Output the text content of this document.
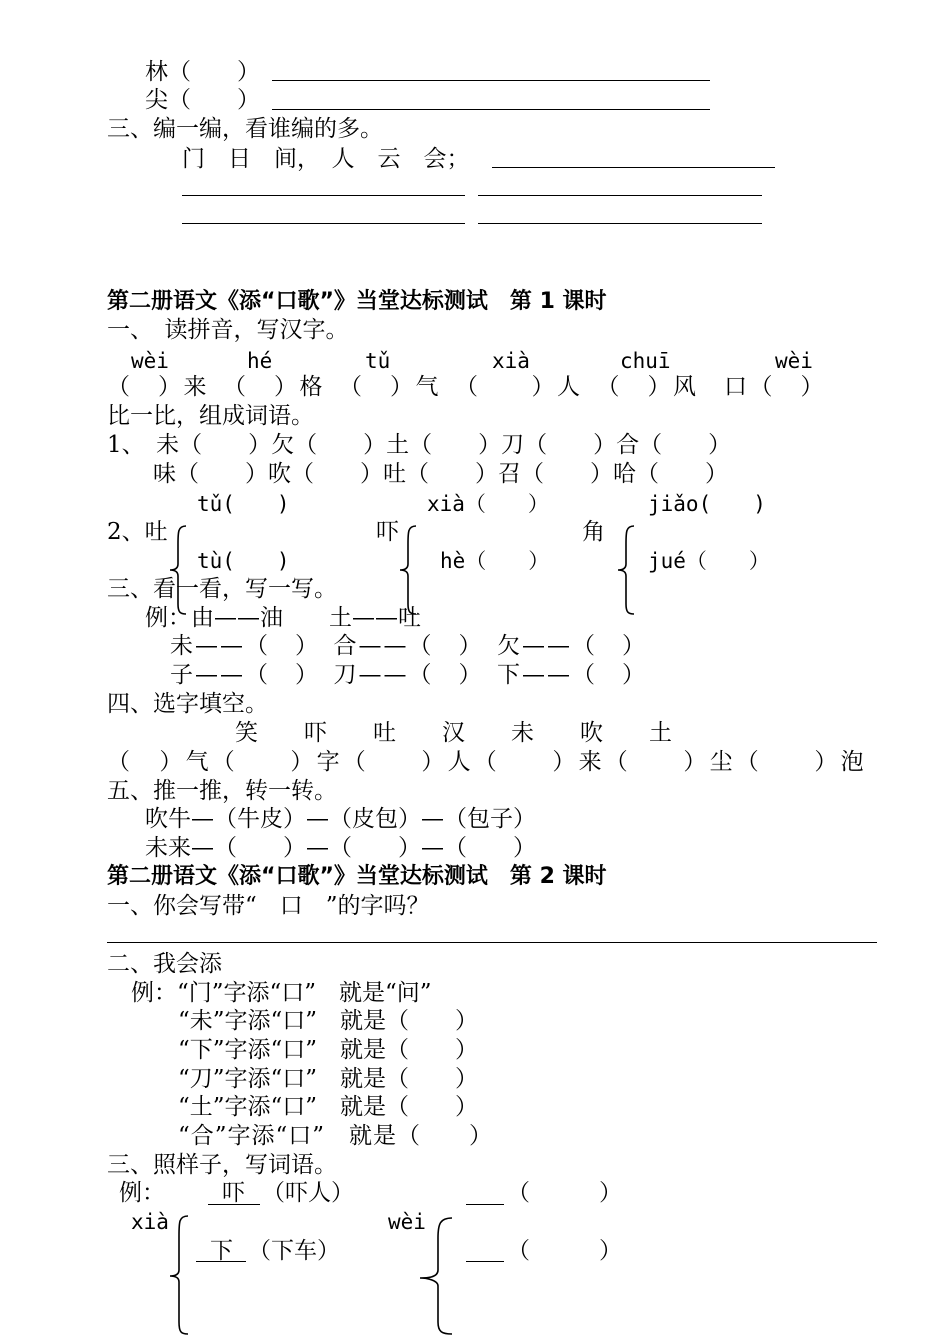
林（　　）
尖（　　）
三、编一编，看谁编的多。
门　日　间，　人　云　会；
第二册语文《添“口歌”》当堂达标测试　第 1 课时
一、　读拼音，写汉字。
wèi	hé	tǔ	xià	chuī	wèi
（　）来　（　）格　（　）气　（　　）人　（　）风　口（　）
比一比，组成词语。
1、　未（　　）欠（　　）土（　　）刀（　　）合（　　）
　　味（　　）吹（　　）吐（　　）召（　　）哈（　　）
tǔ(　　)	xià（　　）	jiǎo(　　)
2、吐	吓	角
tù(　　)	hè（　　）	jué（　　）
三、看一看，写一写。
例：由——油　　土——吐
未——（　）　合——（　）　欠——（　）
子——（　）　刀——（　）　下——（　）
四、选字填空。
笑　　吓　　吐　　汉　　未　　吹　　土
（　）气（　　）字（　　）人（　　）来（　　）尘（　　）泡
五、推一推，转一转。
吹牛—（牛皮）—（皮包）—（包子）
未来—（　　）—（　　）—（　　）
第二册语文《添“口歌”》当堂达标测试　第 2 课时
一、你会写带“　口　”的字吗？
二、我会添
例：“门”字添“口”　就是“问”
“未”字添“口”　就是（　　）
“下”字添“口”　就是（　　）
“刀”字添“口”　就是（　　）
“土”字添“口”　就是（　　）
“合”字添“口”　就是（　　）
三、照样子，写词语。
例： 吓 （吓人）	（　　　）
xià	wèi
下 （下车）	（　　　）
